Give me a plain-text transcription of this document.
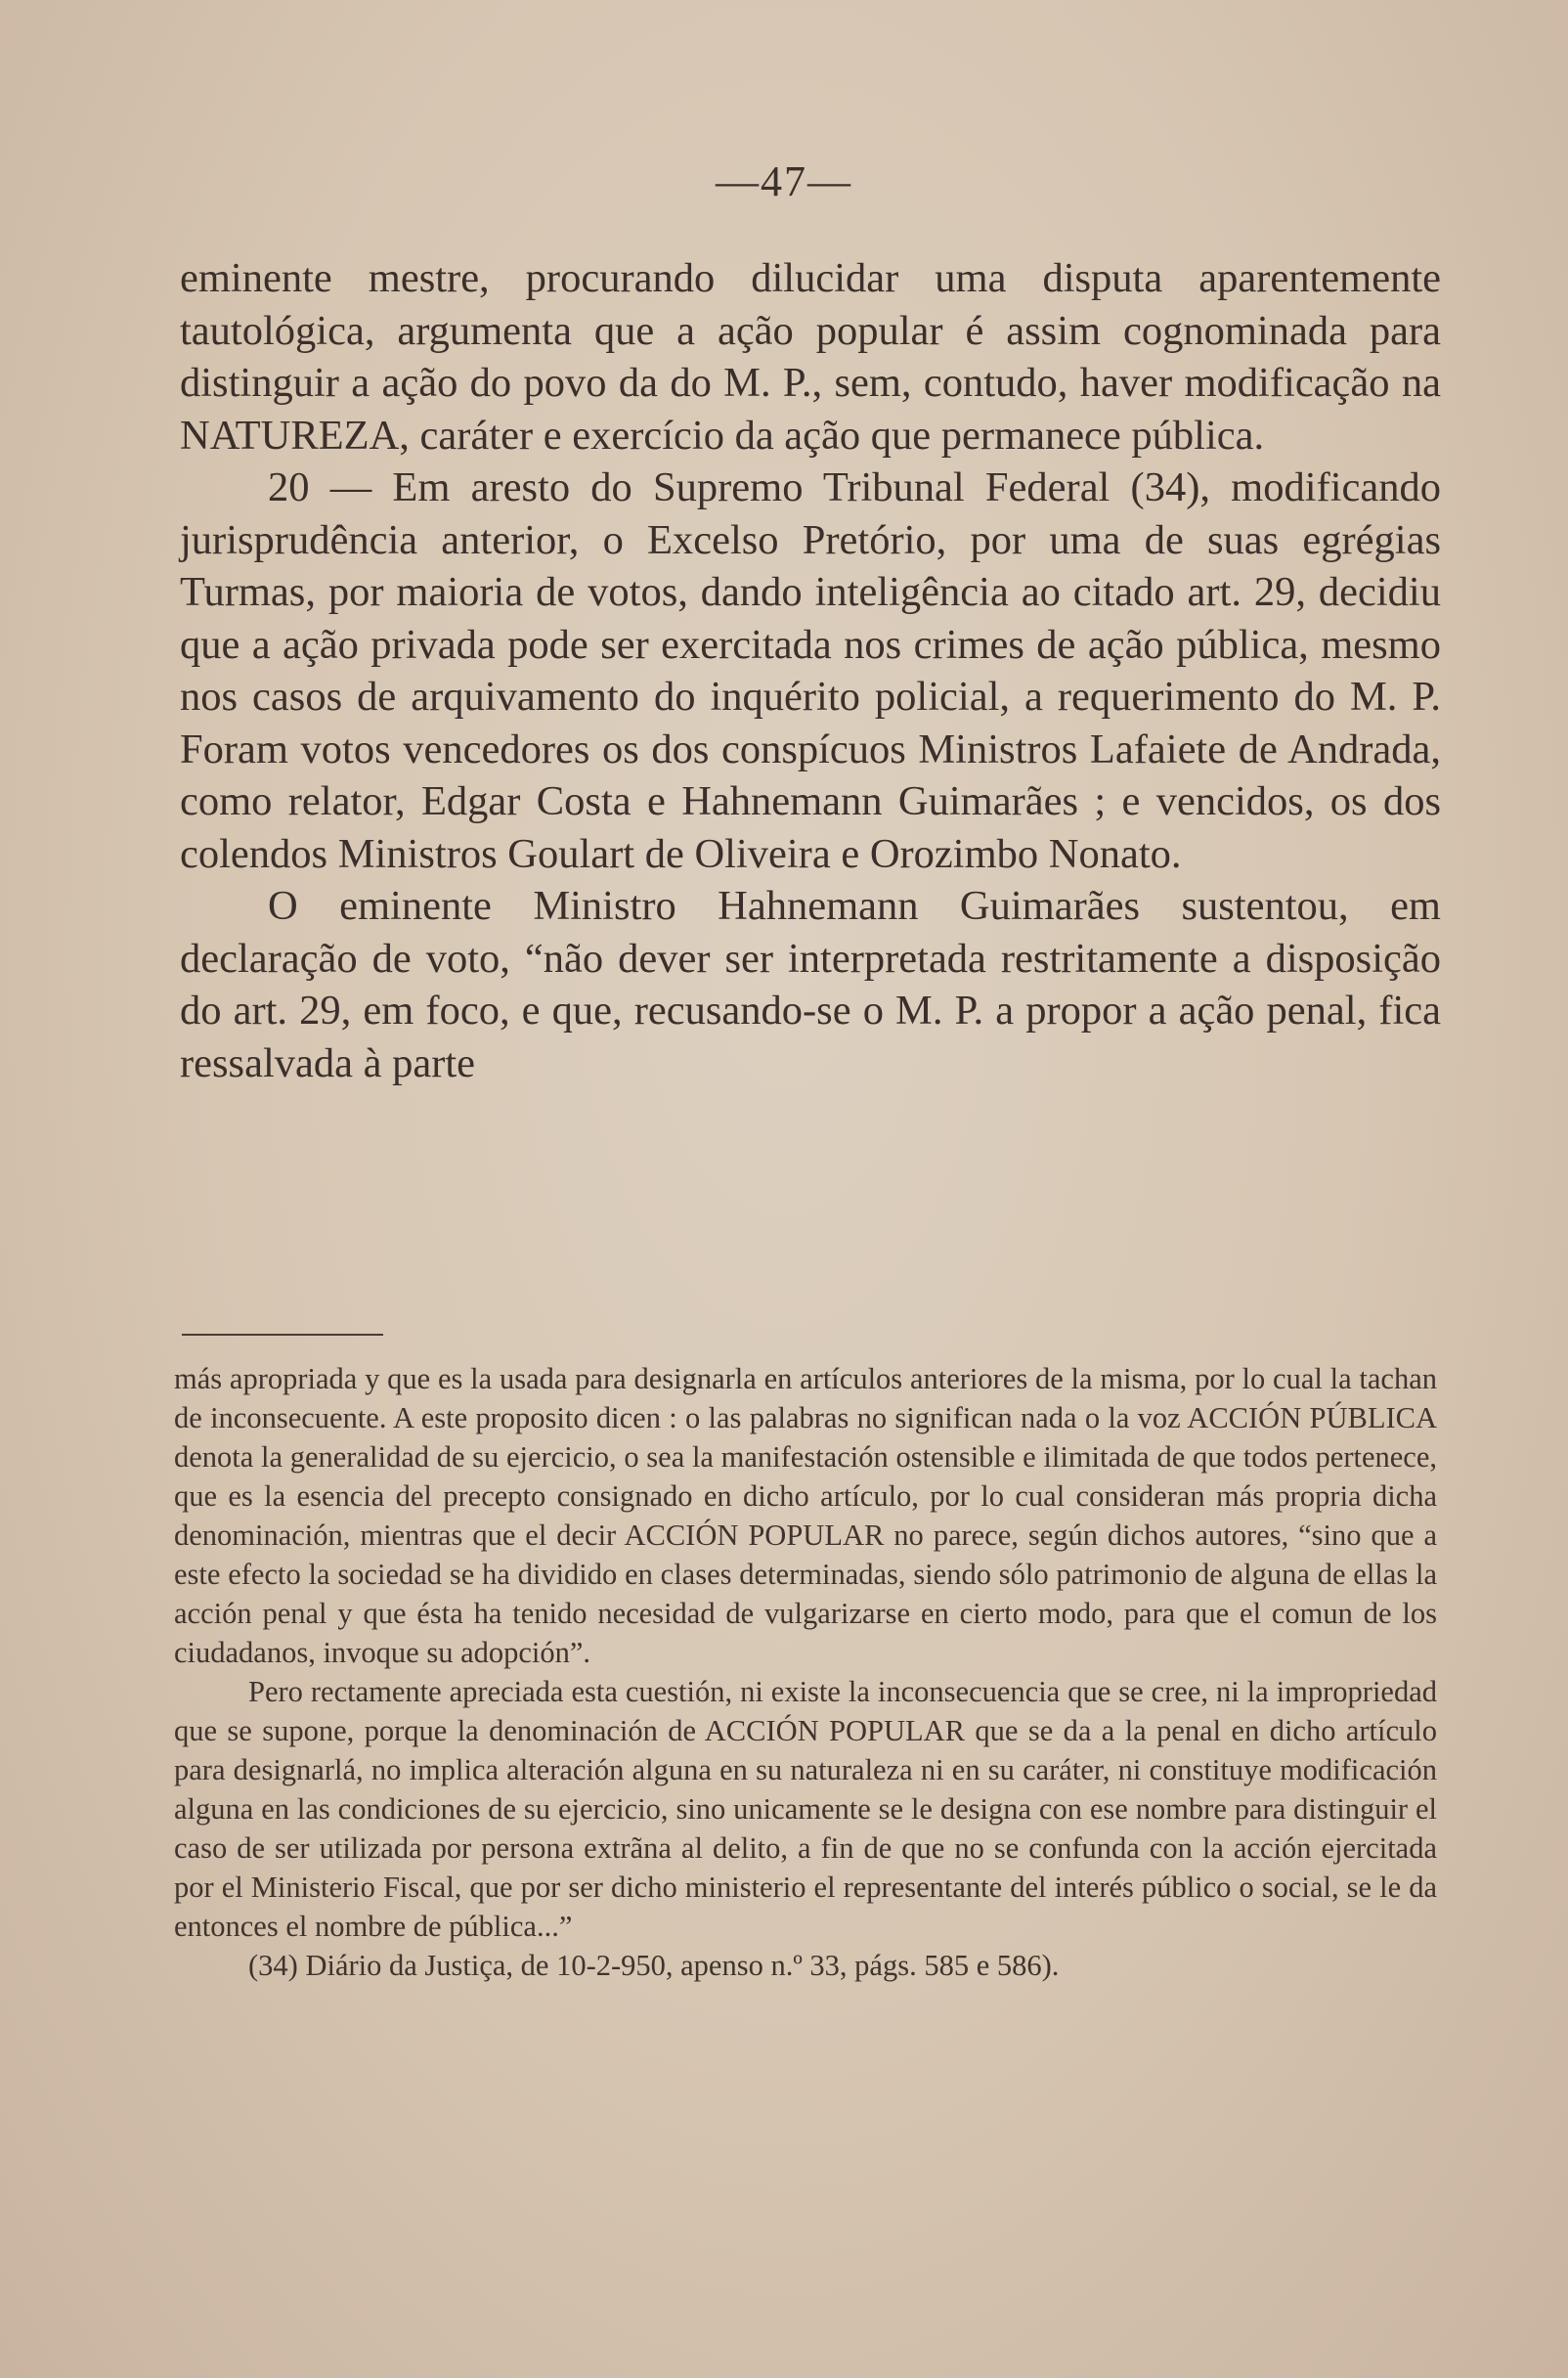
—47—

eminente mestre, procurando dilucidar uma disputa aparentemente tautológica, argumenta que a ação popular é assim cognominada para distinguir a ação do povo da do M. P., sem, contudo, haver modificação na NATUREZA, caráter e exercício da ação que permanece pública.

20 — Em aresto do Supremo Tribunal Federal (34), modificando jurisprudência anterior, o Excelso Pretório, por uma de suas egrégias Turmas, por maioria de votos, dando inteligência ao citado art. 29, decidiu que a ação privada pode ser exercitada nos crimes de ação pública, mesmo nos casos de arquivamento do inquérito policial, a requerimento do M. P. Foram votos vencedores os dos conspícuos Ministros Lafaiete de Andrada, como relator, Edgar Costa e Hahnemann Guimarães ; e vencidos, os dos colendos Ministros Goulart de Oliveira e Orozimbo Nonato.

O eminente Ministro Hahnemann Guimarães sustentou, em declaração de voto, “não dever ser interpretada restritamente a disposição do art. 29, em foco, e que, recusando-se o M. P. a propor a ação penal, fica ressalvada à parte

más apropriada y que es la usada para designarla en artículos anteriores de la misma, por lo cual la tachan de inconsecuente. A este proposito dicen : o las palabras no significan nada o la voz ACCIÓN PÚBLICA denota la generalidad de su ejercicio, o sea la manifestación ostensible e ilimitada de que todos pertenece, que es la esencia del precepto consignado en dicho artículo, por lo cual consideran más propria dicha denominación, mientras que el decir ACCIÓN POPULAR no parece, según dichos autores, “sino que a este efecto la sociedad se ha dividido en clases determinadas, siendo sólo patrimonio de alguna de ellas la acción penal y que ésta ha tenido necesidad de vulgarizarse en cierto modo, para que el comun de los ciudadanos, invoque su adopción”.

Pero rectamente apreciada esta cuestión, ni existe la inconsecuencia que se cree, ni la impropriedad que se supone, porque la denominación de ACCIÓN POPULAR que se da a la penal en dicho artículo para designarlá, no implica alteración alguna en su naturaleza ni en su caráter, ni constituye modificación alguna en las condiciones de su ejercicio, sino unicamente se le designa con ese nombre para distinguir el caso de ser utilizada por persona extrãna al delito, a fin de que no se confunda con la acción ejercitada por el Ministerio Fiscal, que por ser dicho ministerio el representante del interés público o social, se le da entonces el nombre de pública...”

(34) Diário da Justiça, de 10-2-950, apenso n.º 33, págs. 585 e 586).
